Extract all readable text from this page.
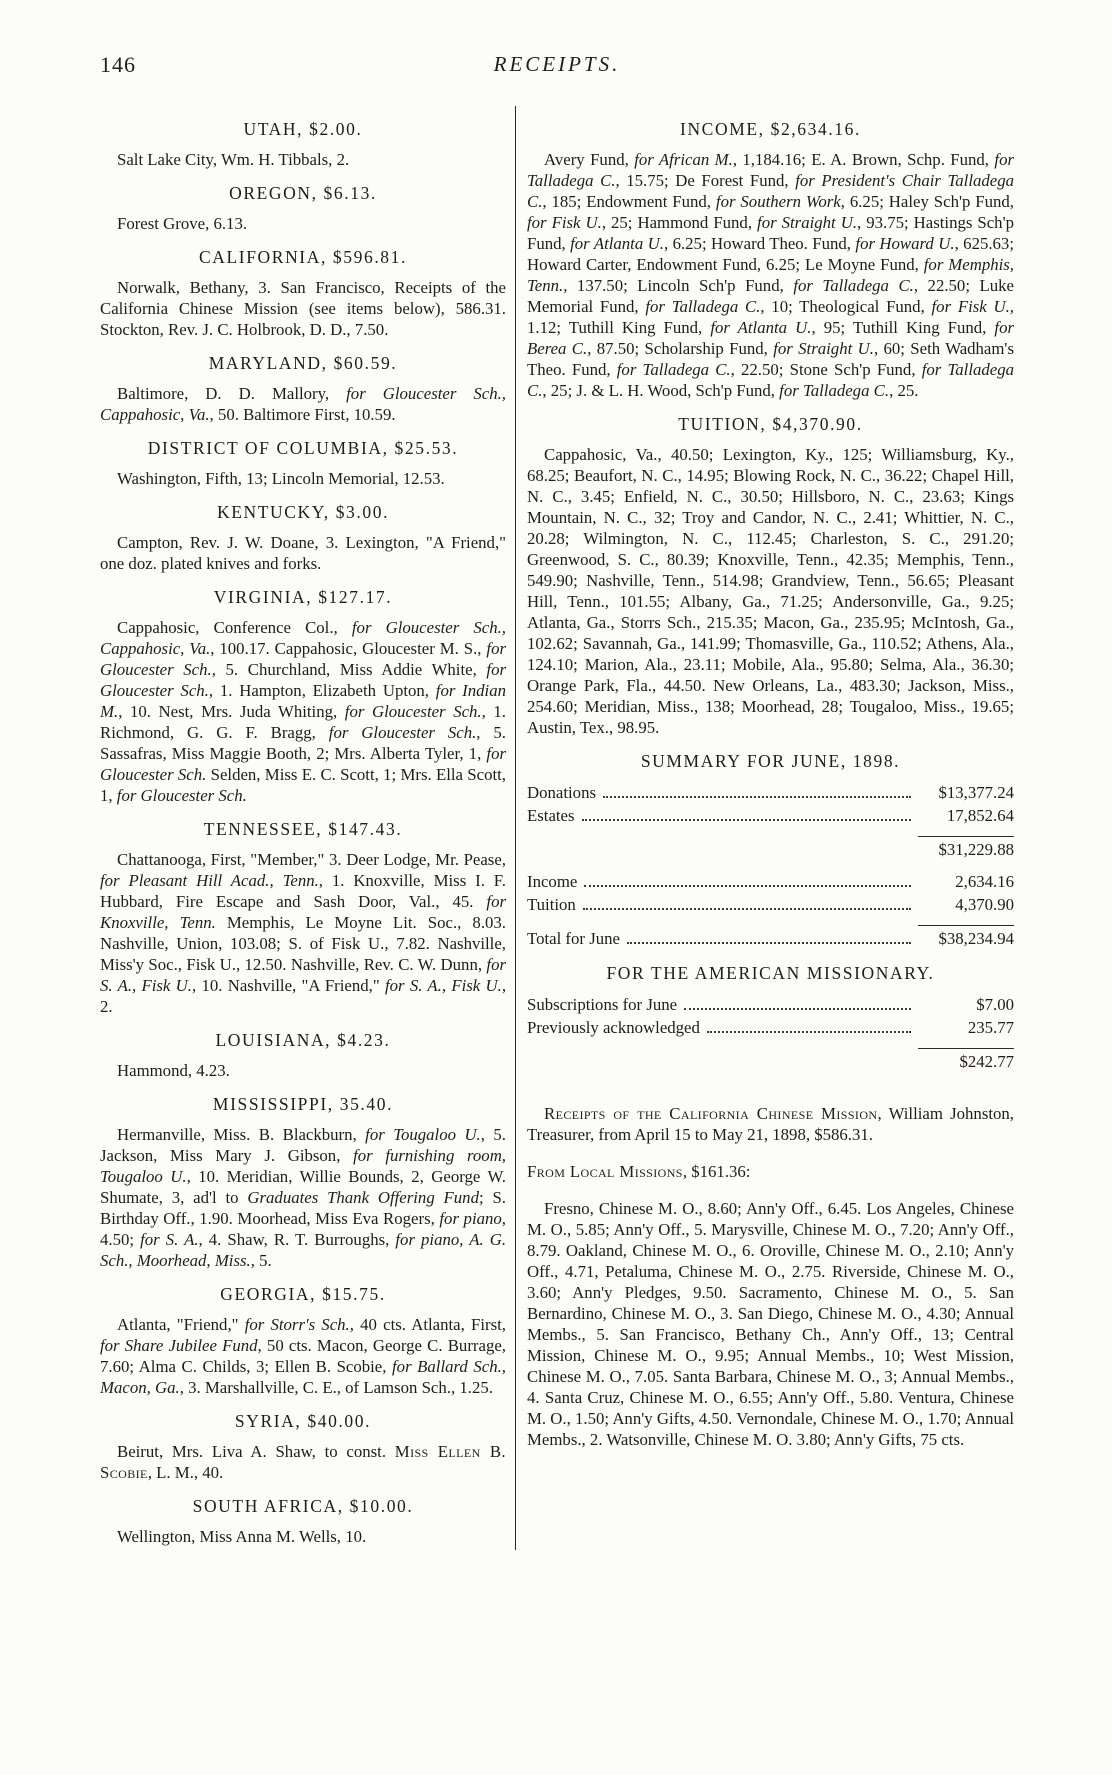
146	RECEIPTS.
UTAH, $2.00.

Salt Lake City, Wm. H. Tibbals, 2.

OREGON, $6.13.

Forest Grove, 6.13.

CALIFORNIA, $596.81.

Norwalk, Bethany, 3. San Francisco, Receipts of the California Chinese Mission (see items below), 586.31. Stockton, Rev. J. C. Holbrook, D. D., 7.50.

MARYLAND, $60.59.

Baltimore, D. D. Mallory, for Gloucester Sch., Cappahosic, Va., 50. Baltimore First, 10.59.

DISTRICT OF COLUMBIA, $25.53.

Washington, Fifth, 13; Lincoln Memorial, 12.53.

KENTUCKY, $3.00.

Campton, Rev. J. W. Doane, 3. Lexington, "A Friend," one doz. plated knives and forks.

VIRGINIA, $127.17.

Cappahosic, Conference Col., for Gloucester Sch., Cappahosic, Va., 100.17. Cappahosic, Gloucester M. S., for Gloucester Sch., 5. Churchland, Miss Addie White, for Gloucester Sch., 1. Hampton, Elizabeth Upton, for Indian M., 10. Nest, Mrs. Juda Whiting, for Gloucester Sch., 1. Richmond, G. G. F. Bragg, for Gloucester Sch., 5. Sassafras, Miss Maggie Booth, 2; Mrs. Alberta Tyler, 1, for Gloucester Sch. Selden, Miss E. C. Scott, 1; Mrs. Ella Scott, 1, for Gloucester Sch.

TENNESSEE, $147.43.

Chattanooga, First, "Member," 3. Deer Lodge, Mr. Pease, for Pleasant Hill Acad., Tenn., 1. Knoxville, Miss I. F. Hubbard, Fire Escape and Sash Door, Val., 45. for Knoxville, Tenn. Memphis, Le Moyne Lit. Soc., 8.03. Nashville, Union, 103.08; S. of Fisk U., 7.82. Nashville, Miss'y Soc., Fisk U., 12.50. Nashville, Rev. C. W. Dunn, for S. A., Fisk U., 10. Nashville, "A Friend," for S. A., Fisk U., 2.

LOUISIANA, $4.23.

Hammond, 4.23.

MISSISSIPPI, 35.40.

Hermanville, Miss. B. Blackburn, for Tougaloo U., 5. Jackson, Miss Mary J. Gibson, for furnishing room, Tougaloo U., 10. Meridian, Willie Bounds, 2, George W. Shumate, 3, ad'l to Graduates Thank Offering Fund; S. Birthday Off., 1.90. Moorhead, Miss Eva Rogers, for piano, 4.50; for S. A., 4. Shaw, R. T. Burroughs, for piano, A. G. Sch., Moorhead, Miss., 5.

GEORGIA, $15.75.

Atlanta, "Friend," for Storr's Sch., 40 cts. Atlanta, First, for Share Jubilee Fund, 50 cts. Macon, George C. Burrage, 7.60; Alma C. Childs, 3; Ellen B. Scobie, for Ballard Sch., Macon, Ga., 3. Marshallville, C. E., of Lamson Sch., 1.25.

SYRIA, $40.00.

Beirut, Mrs. Liva A. Shaw, to const. Miss Ellen B. Scobie, L. M., 40.

SOUTH AFRICA, $10.00.

Wellington, Miss Anna M. Wells, 10.

INCOME, $2,634.16.

Avery Fund, for African M., 1,184.16; E. A. Brown, Schp. Fund, for Talladega C., 15.75; De Forest Fund, for President's Chair Talladega C., 185; Endowment Fund, for Southern Work, 6.25; Haley Sch'p Fund, for Fisk U., 25; Hammond Fund, for Straight U., 93.75; Hastings Sch'p Fund, for Atlanta U., 6.25; Howard Theo. Fund, for Howard U., 625.63; Howard Carter, Endowment Fund, 6.25; Le Moyne Fund, for Memphis, Tenn., 137.50; Lincoln Sch'p Fund, for Talladega C., 22.50; Luke Memorial Fund, for Talladega C., 10; Theological Fund, for Fisk U., 1.12; Tuthill King Fund, for Atlanta U., 95; Tuthill King Fund, for Berea C., 87.50; Scholarship Fund, for Straight U., 60; Seth Wadham's Theo. Fund, for Talladega C., 22.50; Stone Sch'p Fund, for Talladega C., 25; J. & L. H. Wood, Sch'p Fund, for Talladega C., 25.

TUITION, $4,370.90.

Cappahosic, Va., 40.50; Lexington, Ky., 125; Williamsburg, Ky., 68.25; Beaufort, N. C., 14.95; Blowing Rock, N. C., 36.22; Chapel Hill, N. C., 3.45; Enfield, N. C., 30.50; Hillsboro, N. C., 23.63; Kings Mountain, N. C., 32; Troy and Candor, N. C., 2.41; Whittier, N. C., 20.28; Wilmington, N. C., 112.45; Charleston, S. C., 291.20; Greenwood, S. C., 80.39; Knoxville, Tenn., 42.35; Memphis, Tenn., 549.90; Nashville, Tenn., 514.98; Grandview, Tenn., 56.65; Pleasant Hill, Tenn., 101.55; Albany, Ga., 71.25; Andersonville, Ga., 9.25; Atlanta, Ga., Storrs Sch., 215.35; Macon, Ga., 235.95; McIntosh, Ga., 102.62; Savannah, Ga., 141.99; Thomasville, Ga., 110.52; Athens, Ala., 124.10; Marion, Ala., 23.11; Mobile, Ala., 95.80; Selma, Ala., 36.30; Orange Park, Fla., 44.50. New Orleans, La., 483.30; Jackson, Miss., 254.60; Meridian, Miss., 138; Moorhead, 28; Tougaloo, Miss., 19.65; Austin, Tex., 98.95.

SUMMARY FOR JUNE, 1898.
Donations	$13,377.24
Estates	17,852.64
$31,229.88
Income	2,634.16
Tuition	4,370.90
Total for June	$38,234.94
FOR THE AMERICAN MISSIONARY.
Subscriptions for June	$7.00
Previously acknowledged	235.77
$242.77

Receipts of the California Chinese Mission, William Johnston, Treasurer, from April 15 to May 21, 1898, $586.31.

From Local Missions, $161.36:

Fresno, Chinese M. O., 8.60; Ann'y Off., 6.45. Los Angeles, Chinese M. O., 5.85; Ann'y Off., 5. Marysville, Chinese M. O., 7.20; Ann'y Off., 8.79. Oakland, Chinese M. O., 6. Oroville, Chinese M. O., 2.10; Ann'y Off., 4.71, Petaluma, Chinese M. O., 2.75. Riverside, Chinese M. O., 3.60; Ann'y Pledges, 9.50. Sacramento, Chinese M. O., 5. San Bernardino, Chinese M. O., 3. San Diego, Chinese M. O., 4.30; Annual Membs., 5. San Francisco, Bethany Ch., Ann'y Off., 13; Central Mission, Chinese M. O., 9.95; Annual Membs., 10; West Mission, Chinese M. O., 7.05. Santa Barbara, Chinese M. O., 3; Annual Membs., 4. Santa Cruz, Chinese M. O., 6.55; Ann'y Off., 5.80. Ventura, Chinese M. O., 1.50; Ann'y Gifts, 4.50. Vernondale, Chinese M. O., 1.70; Annual Membs., 2. Watsonville, Chinese M. O. 3.80; Ann'y Gifts, 75 cts.
